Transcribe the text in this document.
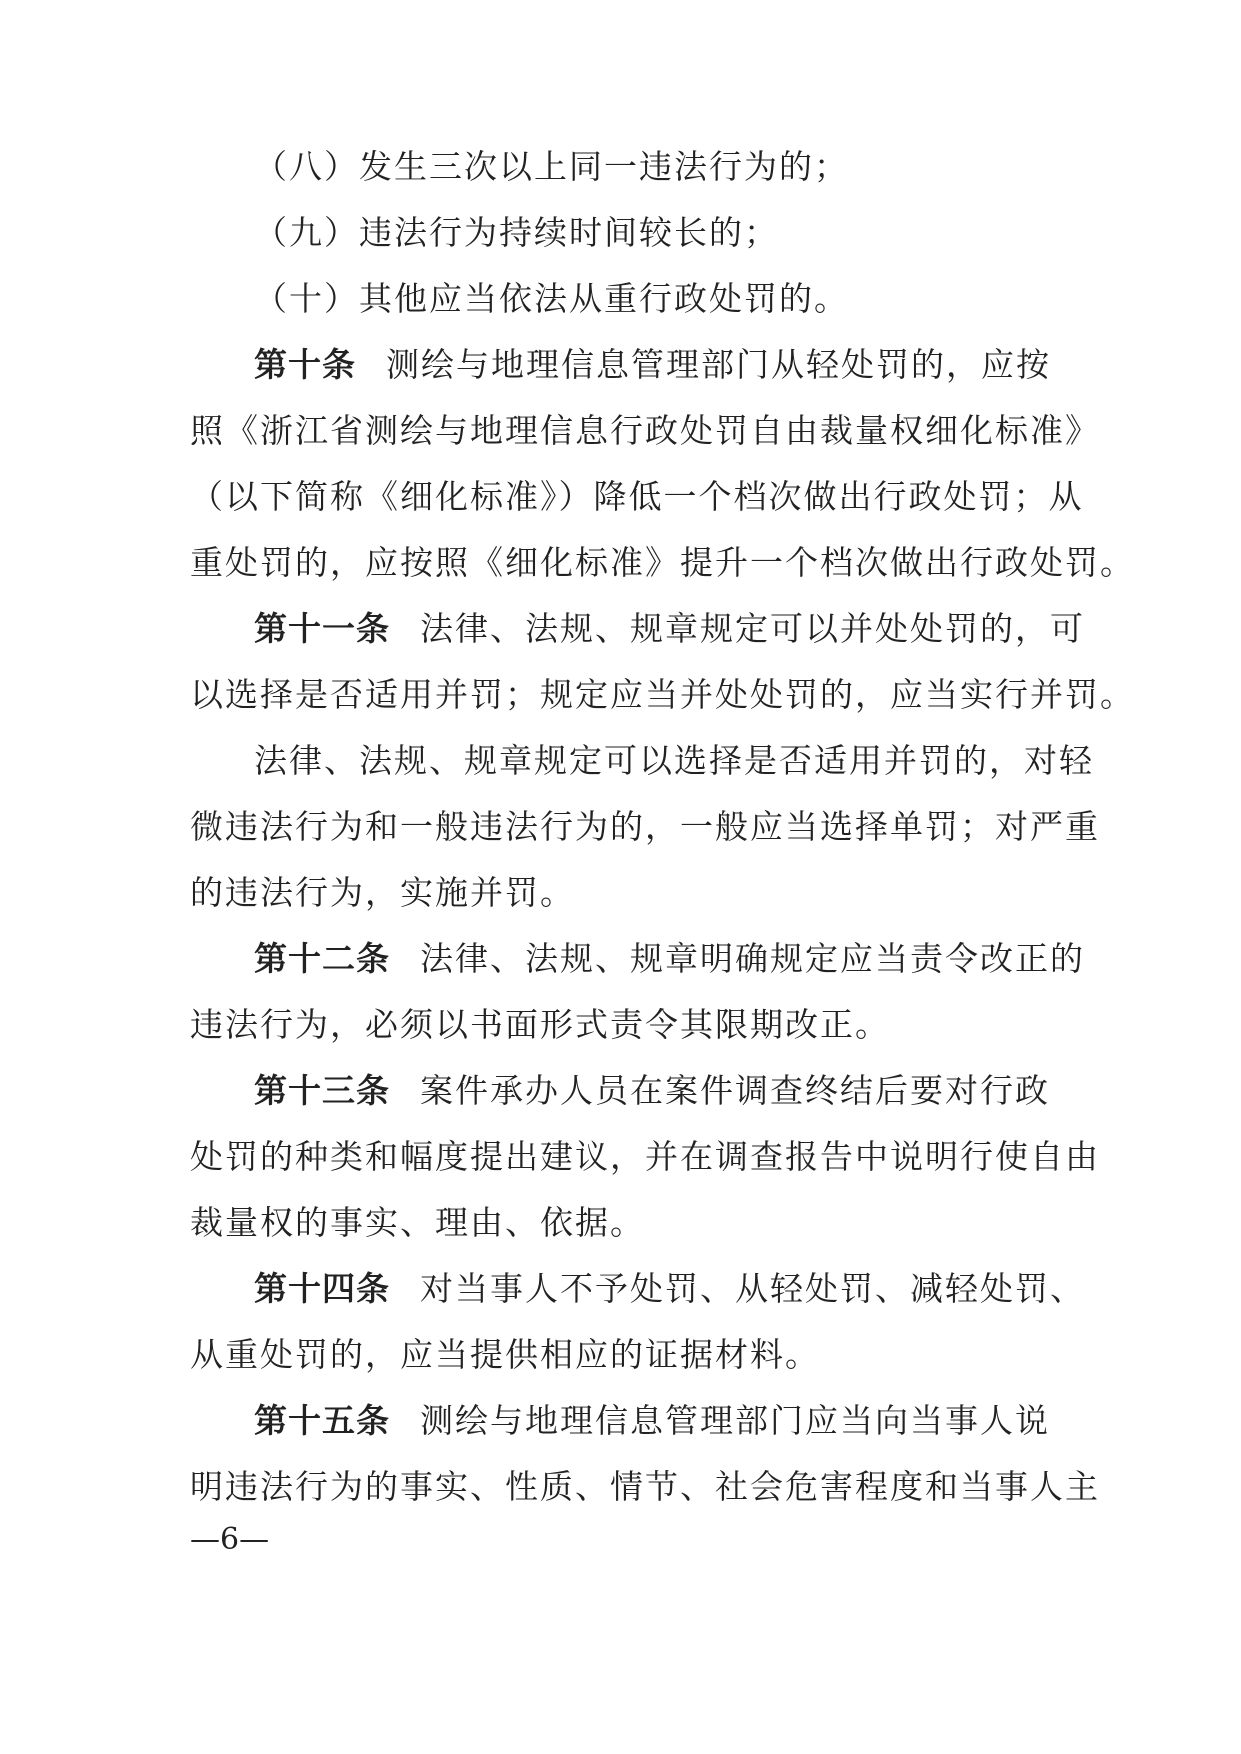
（八）发生三次以上同一违法行为的；
（九）违法行为持续时间较长的；
（十）其他应当依法从重行政处罚的。
第十条 测绘与地理信息管理部门从轻处罚的，应按
照《浙江省测绘与地理信息行政处罚自由裁量权细化标准》
（以下简称《细化标准》）降低一个档次做出行政处罚；从
重处罚的，应按照《细化标准》提升一个档次做出行政处罚。
第十一条 法律、法规、规章规定可以并处处罚的，可
以选择是否适用并罚；规定应当并处处罚的，应当实行并罚。
法律、法规、规章规定可以选择是否适用并罚的，对轻
微违法行为和一般违法行为的，一般应当选择单罚；对严重
的违法行为，实施并罚。
第十二条 法律、法规、规章明确规定应当责令改正的
违法行为，必须以书面形式责令其限期改正。
第十三条 案件承办人员在案件调查终结后要对行政
处罚的种类和幅度提出建议，并在调查报告中说明行使自由
裁量权的事实、理由、依据。
第十四条 对当事人不予处罚、从轻处罚、减轻处罚、
从重处罚的，应当提供相应的证据材料。
第十五条 测绘与地理信息管理部门应当向当事人说
明违法行为的事实、性质、情节、社会危害程度和当事人主
—6—
